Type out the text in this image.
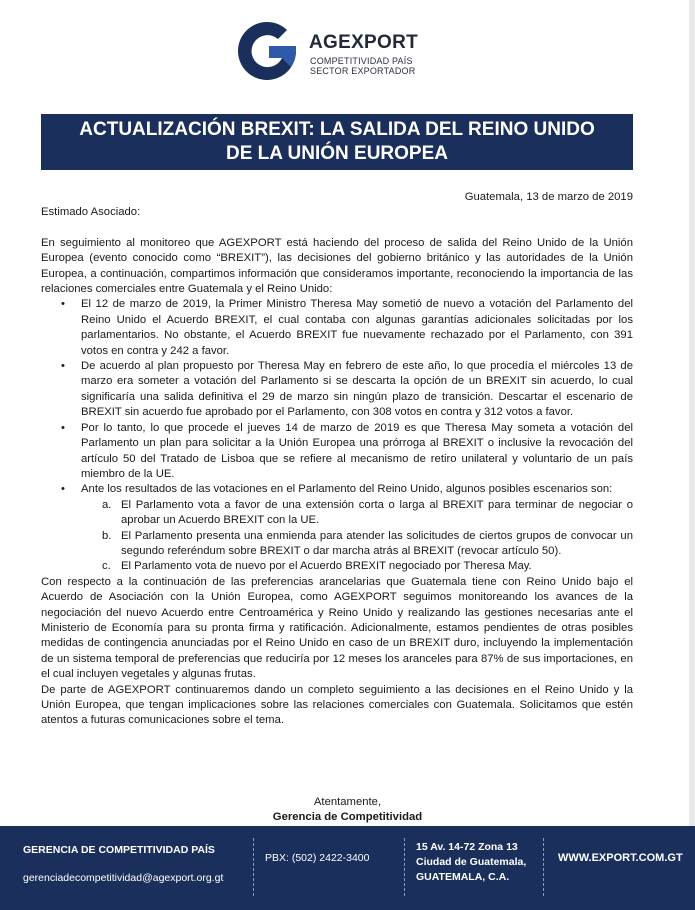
AGEXPORT
COMPETITIVIDAD PAÍS
SECTOR EXPORTADOR
ACTUALIZACIÓN BREXIT: LA SALIDA DEL REINO UNIDO
DE LA UNIÓN EUROPEA

Guatemala, 13 de marzo de 2019

Estimado Asociado:

En seguimiento al monitoreo que AGEXPORT está haciendo del proceso de salida del Reino Unido de la Unión Europea (evento conocido como “BREXIT”), las decisiones del gobierno británico y las autoridades de la Unión Europea, a continuación, compartimos información que consideramos importante, reconociendo la importancia de las relaciones comerciales entre Guatemala y el Reino Unido:

• El 12 de marzo de 2019, la Primer Ministro Theresa May sometió de nuevo a votación del Parlamento del Reino Unido el Acuerdo BREXIT, el cual contaba con algunas garantías adicionales solicitadas por los parlamentarios. No obstante, el Acuerdo BREXIT fue nuevamente rechazado por el Parlamento, con 391 votos en contra y 242 a favor.
• De acuerdo al plan propuesto por Theresa May en febrero de este año, lo que procedía el miércoles 13 de marzo era someter a votación del Parlamento si se descarta la opción de un BREXIT sin acuerdo, lo cual significaría una salida definitiva el 29 de marzo sin ningún plazo de transición. Descartar el escenario de BREXIT sin acuerdo fue aprobado por el Parlamento, con 308 votos en contra y 312 votos a favor.
• Por lo tanto, lo que procede el jueves 14 de marzo de 2019 es que Theresa May someta a votación del Parlamento un plan para solicitar a la Unión Europea una prórroga al BREXIT o inclusive la revocación del artículo 50 del Tratado de Lisboa que se refiere al mecanismo de retiro unilateral y voluntario de un país miembro de la UE.
• Ante los resultados de las votaciones en el Parlamento del Reino Unido, algunos posibles escenarios son:
a. El Parlamento vota a favor de una extensión corta o larga al BREXIT para terminar de negociar o aprobar un Acuerdo BREXIT con la UE.
b. El Parlamento presenta una enmienda para atender las solicitudes de ciertos grupos de convocar un segundo referéndum sobre BREXIT o dar marcha atrás al BREXIT (revocar artículo 50).
c. El Parlamento vota de nuevo por el Acuerdo BREXIT negociado por Theresa May.

Con respecto a la continuación de las preferencias arancelarias que Guatemala tiene con Reino Unido bajo el Acuerdo de Asociación con la Unión Europea, como AGEXPORT seguimos monitoreando los avances de la negociación del nuevo Acuerdo entre Centroamérica y Reino Unido y realizando las gestiones necesarias ante el Ministerio de Economía para su pronta firma y ratificación. Adicionalmente, estamos pendientes de otras posibles medidas de contingencia anunciadas por el Reino Unido en caso de un BREXIT duro, incluyendo la implementación de un sistema temporal de preferencias que reduciría por 12 meses los aranceles para 87% de sus importaciones, en el cual incluyen vegetales y algunas frutas.

De parte de AGEXPORT continuaremos dando un completo seguimiento a las decisiones en el Reino Unido y la Unión Europea, que tengan implicaciones sobre las relaciones comerciales con Guatemala. Solicitamos que estén atentos a futuras comunicaciones sobre el tema.

Atentamente,
Gerencia de Competitividad
GERENCIA DE COMPETITIVIDAD PAÍS
gerenciadecompetitividad@agexport.org.gt
PBX: (502) 2422-3400
15 Av. 14-72 Zona 13
Ciudad de Guatemala,
GUATEMALA, C.A.
WWW.EXPORT.COM.GT
